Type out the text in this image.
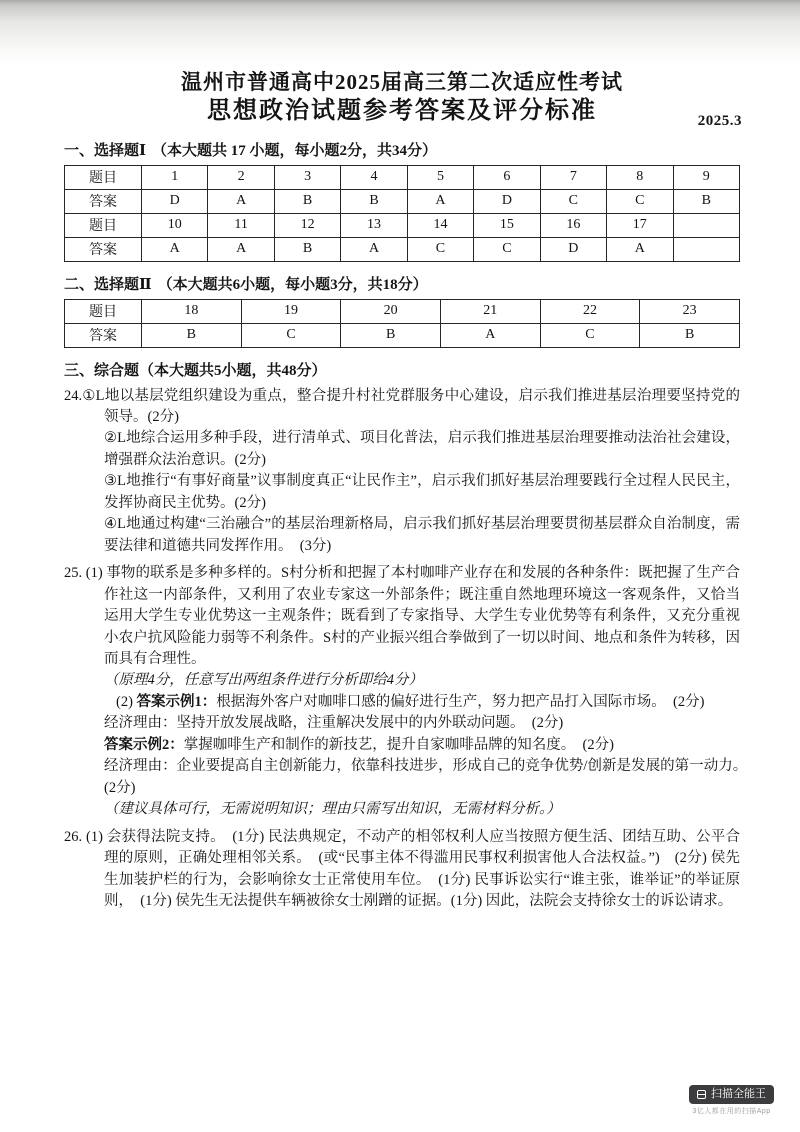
温州市普通高中2025届高三第二次适应性考试
思想政治试题参考答案及评分标准	2025.3
一、选择题Ⅰ （本大题共 17 小题，每小题2分，共34分）
题目	1	2	3	4	5	6	7	8	9
答案	D	A	B	B	A	D	C	C	B
题目	10	11	12	13	14	15	16	17	
答案	A	A	B	A	C	C	D	A	
二、选择题Ⅱ （本大题共6小题，每小题3分，共18分）
题目	18	19	20	21	22	23
答案	B	C	B	A	C	B
三、综合题（本大题共5小题，共48分）

24.①L地以基层党组织建设为重点，整合提升村社党群服务中心建设，启示我们推进基层治理要坚持党的领导。(2分)

②L地综合运用多种手段，进行清单式、项目化普法，启示我们推进基层治理要推动法治社会建设，增强群众法治意识。(2分)

③L地推行“有事好商量”议事制度真正“让民作主”，启示我们抓好基层治理要践行全过程人民民主，发挥协商民主优势。(2分)

④L地通过构建“三治融合”的基层治理新格局，启示我们抓好基层治理要贯彻基层群众自治制度，需要法律和道德共同发挥作用。　(3分)

25. (1) 事物的联系是多种多样的。S村分析和把握了本村咖啡产业存在和发展的各种条件：既把握了生产合作社这一内部条件，又利用了农业专家这一外部条件；既注重自然地理环境这一客观条件，又恰当运用大学生专业优势这一主观条件；既看到了专家指导、大学生专业优势等有利条件，又充分重视小农户抗风险能力弱等不利条件。S村的产业振兴组合拳做到了一切以时间、地点和条件为转移，因而具有合理性。

（原理4分，任意写出两组条件进行分析即给4分）

(2) 答案示例1：根据海外客户对咖啡口感的偏好进行生产，努力把产品打入国际市场。　(2分)

经济理由：坚持开放发展战略，注重解决发展中的内外联动问题。　(2分)

答案示例2：掌握咖啡生产和制作的新技艺，提升自家咖啡品牌的知名度。　(2分)

经济理由：企业要提高自主创新能力，依靠科技进步，形成自己的竞争优势/创新是发展的第一动力。　(2分)

（建议具体可行，无需说明知识；理由只需写出知识，无需材料分析。）

26. (1) 会获得法院支持。　(1分) 民法典规定，不动产的相邻权利人应当按照方便生活、团结互助、公平合理的原则，正确处理相邻关系。　(或“民事主体不得滥用民事权利损害他人合法权益。”)　(2分) 侯先生加装护栏的行为，会影响徐女士正常使用车位。　(1分) 民事诉讼实行“谁主张，谁举证”的举证原则，　(1分) 侯先生无法提供车辆被徐女士剐蹭的证据。(1分) 因此，法院会支持徐女士的诉讼请求。

扫描全能王
3亿人都在用的扫描App
